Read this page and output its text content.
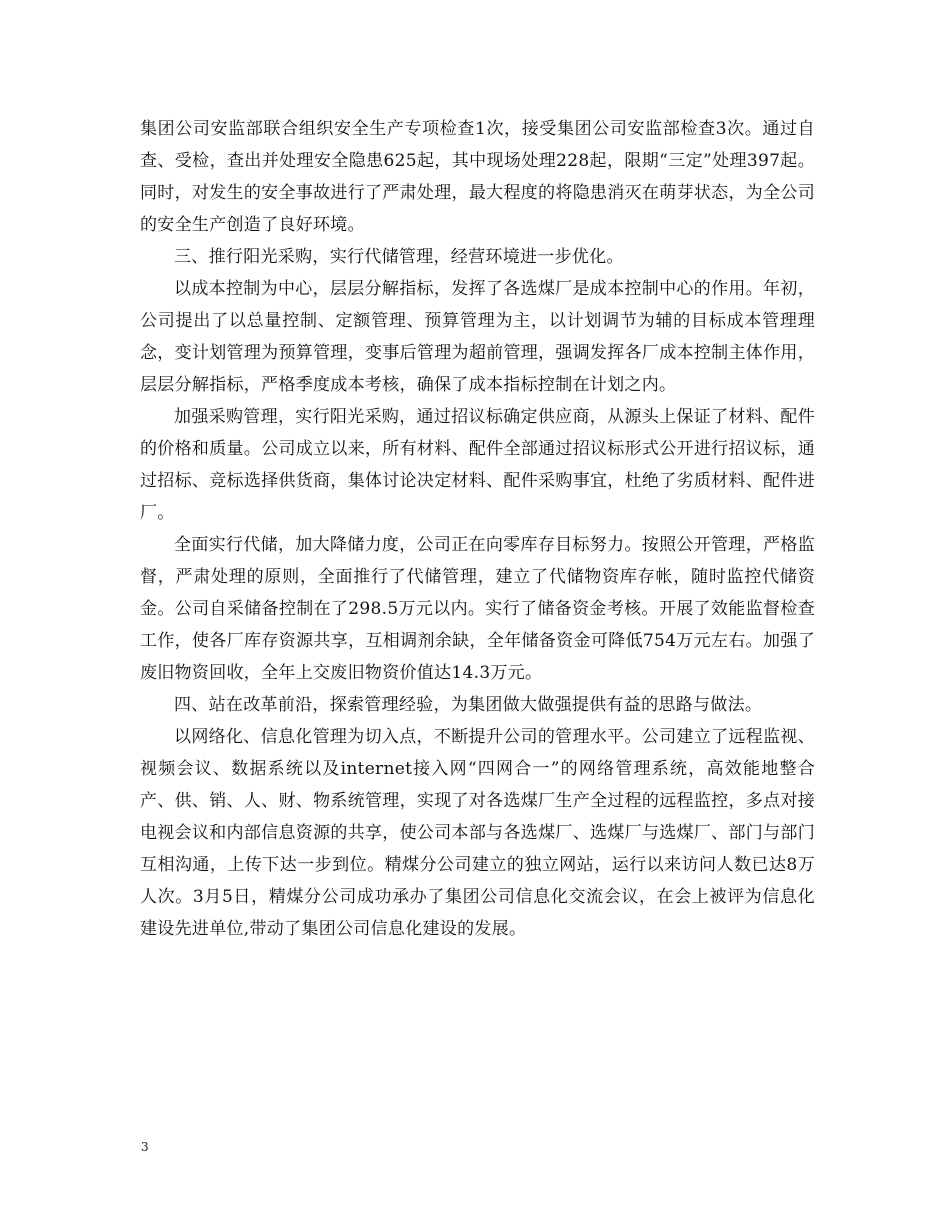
集团公司安监部联合组织安全生产专项检查1次，接受集团公司安监部检查3次。通过自查、受检，查出并处理安全隐患625起，其中现场处理228起，限期“三定”处理397起。同时，对发生的安全事故进行了严肃处理，最大程度的将隐患消灭在萌芽状态，为全公司的安全生产创造了良好环境。

三、推行阳光采购，实行代储管理，经营环境进一步优化。

以成本控制为中心，层层分解指标，发挥了各选煤厂是成本控制中心的作用。年初，公司提出了以总量控制、定额管理、预算管理为主，以计划调节为辅的目标成本管理理念，变计划管理为预算管理，变事后管理为超前管理，强调发挥各厂成本控制主体作用，层层分解指标，严格季度成本考核，确保了成本指标控制在计划之内。

加强采购管理，实行阳光采购，通过招议标确定供应商，从源头上保证了材料、配件的价格和质量。公司成立以来，所有材料、配件全部通过招议标形式公开进行招议标，通过招标、竞标选择供货商，集体讨论决定材料、配件采购事宜，杜绝了劣质材料、配件进厂。

全面实行代储，加大降储力度，公司正在向零库存目标努力。按照公开管理，严格监督，严肃处理的原则，全面推行了代储管理，建立了代储物资库存帐，随时监控代储资金。公司自采储备控制在了298.5万元以内。实行了储备资金考核。开展了效能监督检查工作，使各厂库存资源共享，互相调剂余缺，全年储备资金可降低754万元左右。加强了废旧物资回收，全年上交废旧物资价值达14.3万元。

四、站在改革前沿，探索管理经验，为集团做大做强提供有益的思路与做法。

以网络化、信息化管理为切入点，不断提升公司的管理水平。公司建立了远程监视、视频会议、数据系统以及internet接入网“四网合一”的网络管理系统，高效能地整合产、供、销、人、财、物系统管理，实现了对各选煤厂生产全过程的远程监控，多点对接电视会议和内部信息资源的共享，使公司本部与各选煤厂、选煤厂与选煤厂、部门与部门互相沟通，上传下达一步到位。精煤分公司建立的独立网站，运行以来访问人数已达8万人次。3月5日，精煤分公司成功承办了集团公司信息化交流会议，在会上被评为信息化建设先进单位,带动了集团公司信息化建设的发展。

3
